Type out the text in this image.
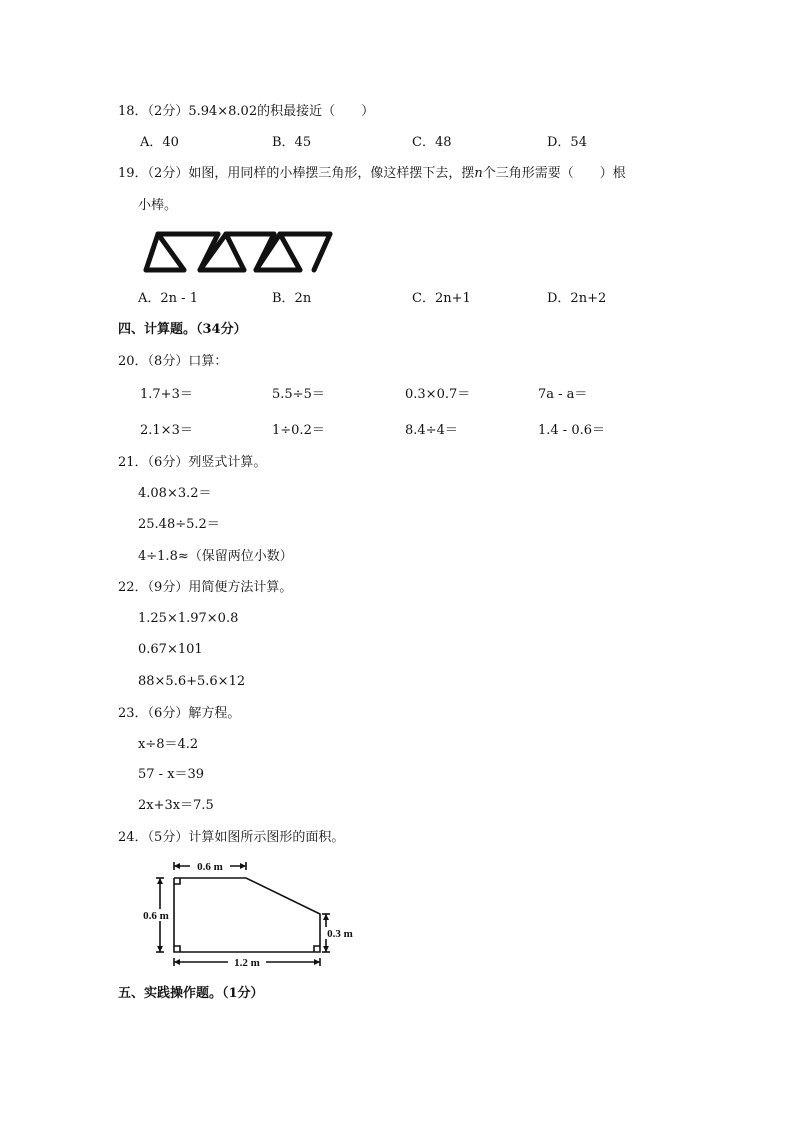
18．（2分）5.94×8.02的积最接近（　　）
A．40	B．45	C．48	D．54
19．（2分）如图，用同样的小棒摆三角形，像这样摆下去，摆n个三角形需要（　　）根
小棒。
A．2n - 1	B．2n	C．2n+1	D．2n+2
四、计算题。（34分）
20．（8分）口算：
1.7+3＝	5.5÷5＝	0.3×0.7＝	7a - a＝
2.1×3＝	1÷0.2＝	8.4÷4＝	1.4 - 0.6＝
21．（6分）列竖式计算。
4.08×3.2＝
25.48÷5.2＝
4÷1.8≈（保留两位小数）
22．（9分）用简便方法计算。
1.25×1.97×0.8
0.67×101
88×5.6+5.6×12
23．（6分）解方程。
x÷8＝4.2
57 - x＝39
2x+3x＝7.5
24．（5分）计算如图所示图形的面积。
0.6 m
0.6 m
0.3 m
1.2 m
五、实践操作题。（1分）
